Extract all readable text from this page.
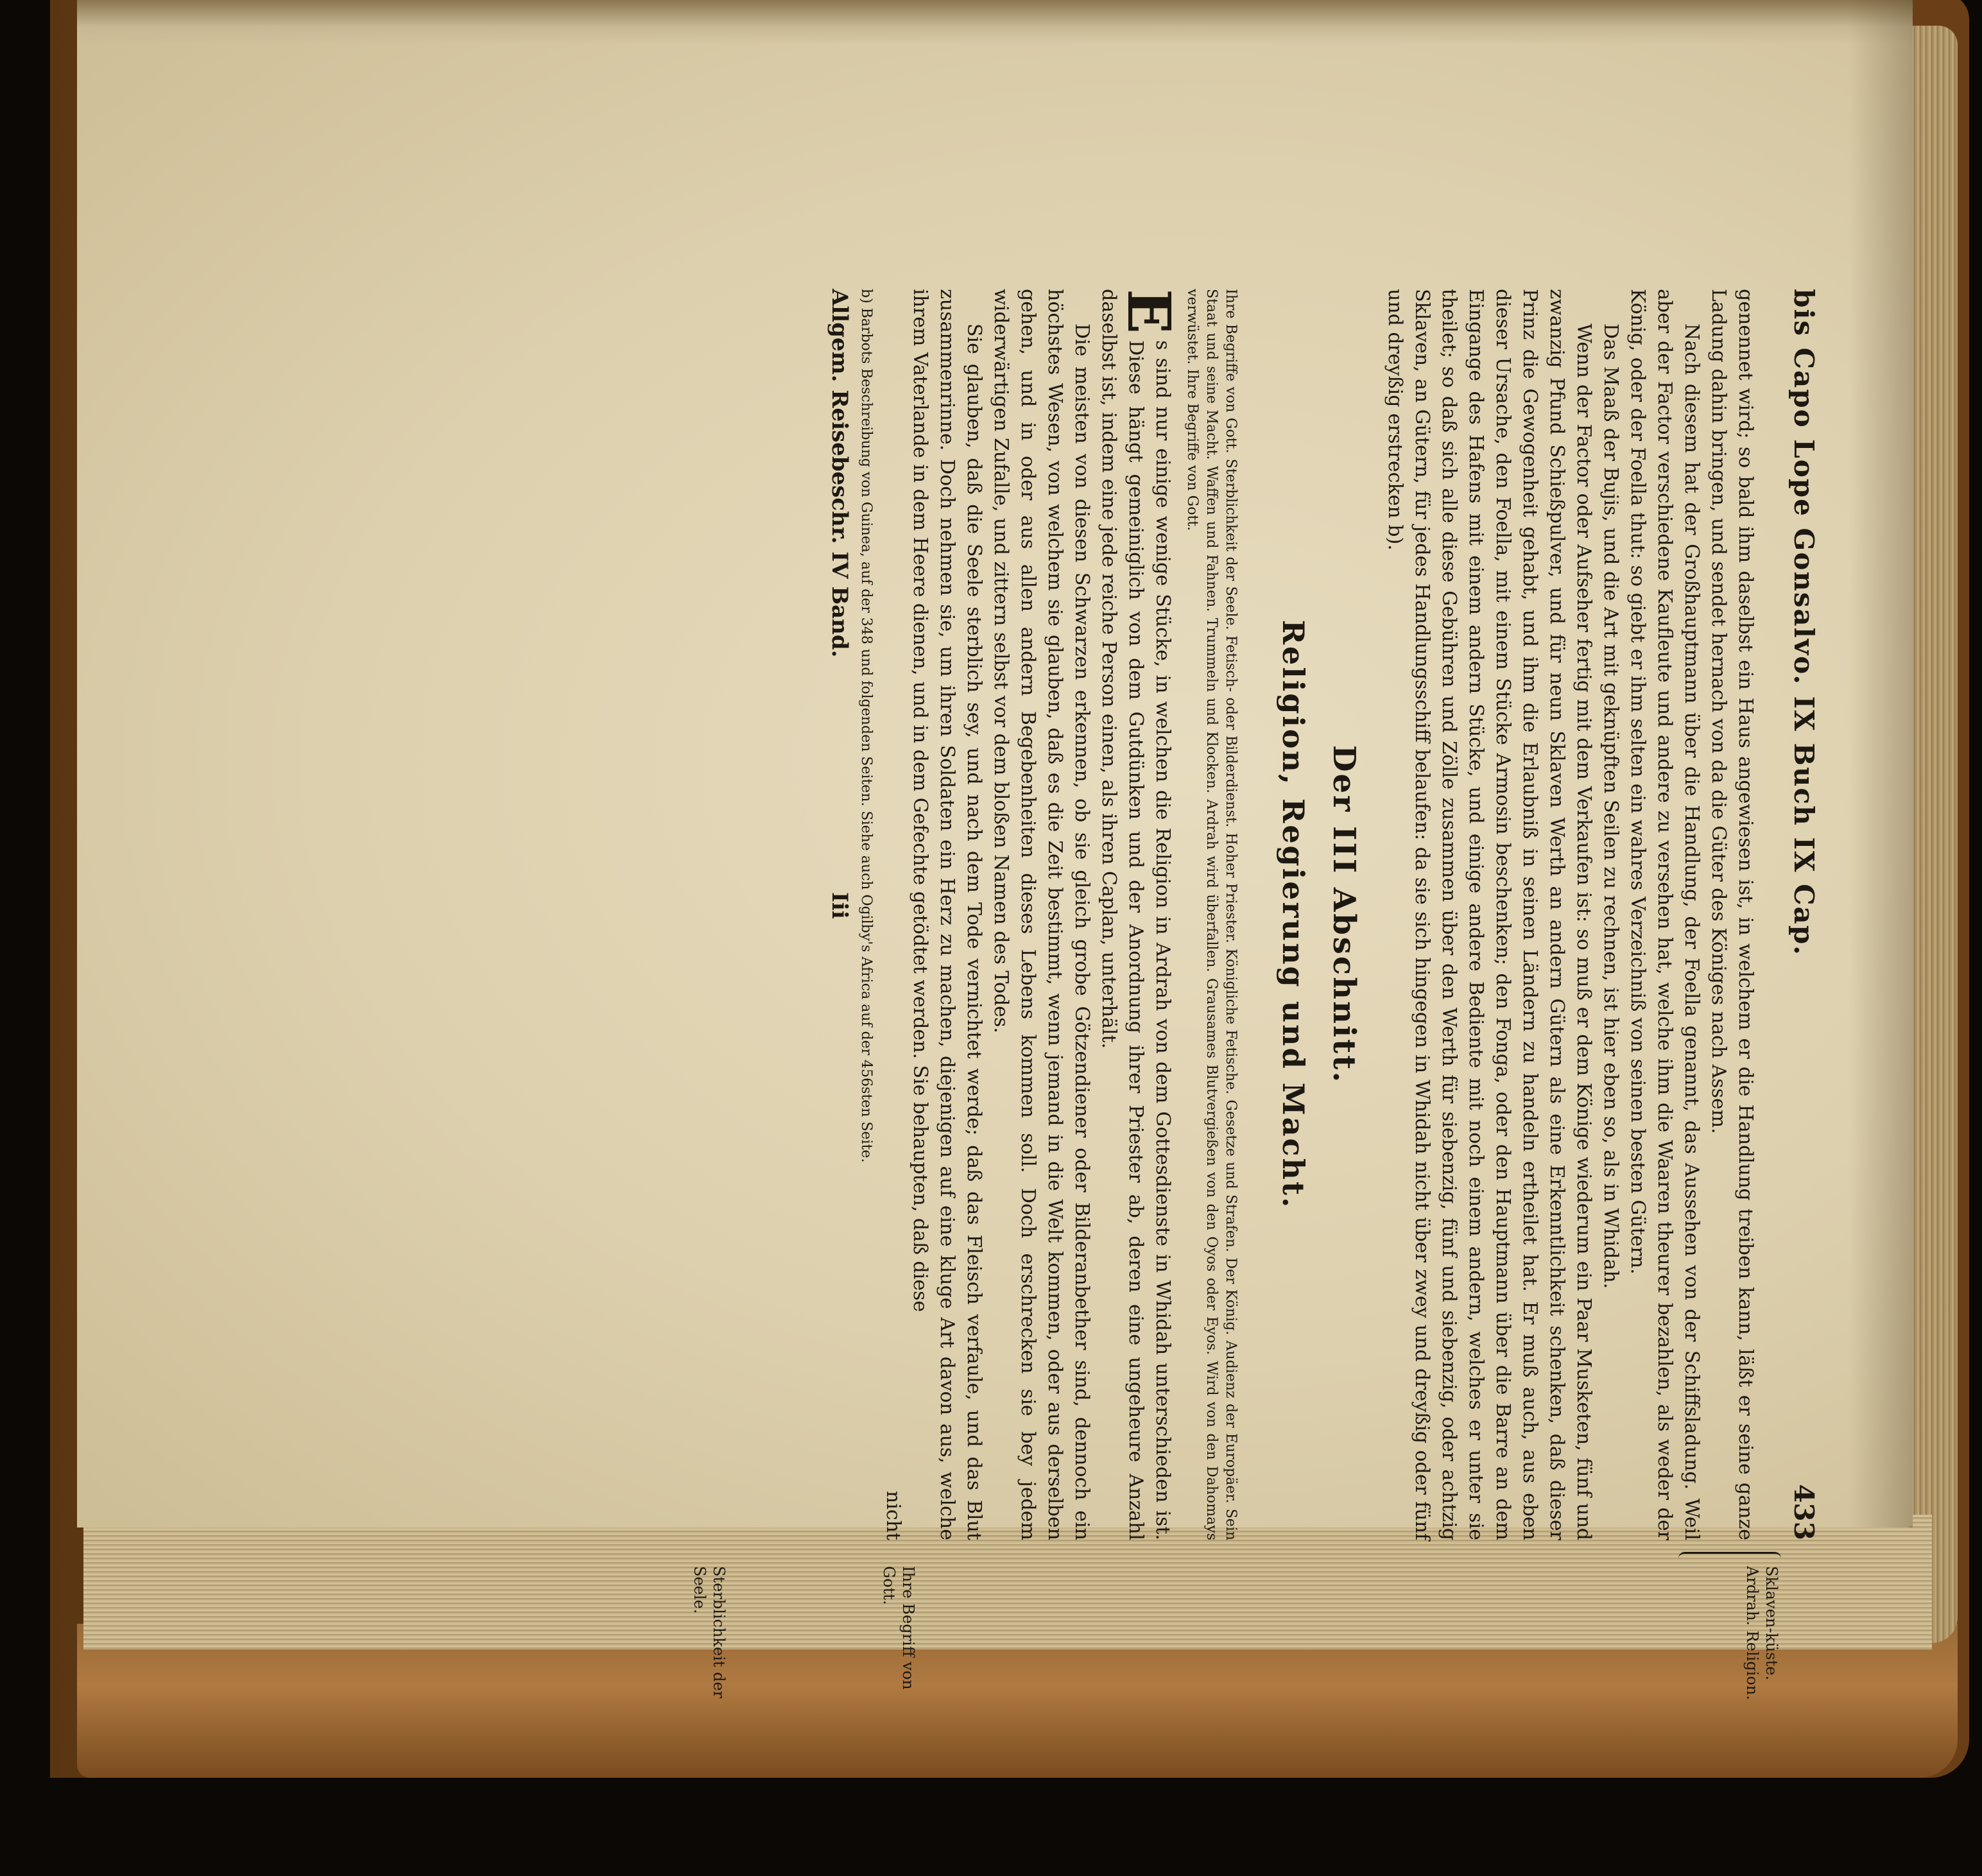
bis Capo Lope Gonsalvo. IX Buch IX Cap.
433

genennet wird; so bald ihm daselbst ein Haus angewiesen ist, in welchem er die Handlung treiben kann, läßt er seine ganze Ladung dahin bringen, und sendet hernach von da die Güter des Königes nach Assem.

Nach diesem hat der Großhauptmann über die Handlung, der Foella genannt, das Aussehen von der Schiffsladung. Weil aber der Factor verschiedene Kaufleute und andere zu versehen hat, welche ihm die Waaren theurer bezahlen, als weder der König, oder der Foella thut: so giebt er ihm selten ein wahres Verzeichniß von seinen besten Gütern.

Das Maaß der Bujis, und die Art mit geknüpften Seilen zu rechnen, ist hier eben so, als in Whidah.

Wenn der Factor oder Aufseher fertig mit dem Verkaufen ist: so muß er dem Könige wiederum ein Paar Musketen, fünf und zwanzig Pfund Schießpulver, und für neun Sklaven Werth an andern Gütern als eine Erkenntlichkeit schenken, daß dieser Prinz die Gewogenheit gehabt, und ihm die Erlaubniß in seinen Ländern zu handeln ertheilet hat. Er muß auch, aus eben dieser Ursache, den Foella, mit einem Stücke Armosin beschenken; den Fonga, oder den Hauptmann über die Barre an dem Eingange des Hafens mit einem andern Stücke, und einige andere Bediente mit noch einem andern, welches er unter sie theilet; so daß sich alle diese Gebühren und Zölle zusammen über den Werth für siebenzig, fünf und siebenzig, oder achtzig Sklaven, an Gütern, für jedes Handlungsschiff belaufen: da sie sich hingegen in Whidah nicht über zwey und dreyßig oder fünf und dreyßig erstrecken b).

Der III Abschnitt.
Religion, Regierung und Macht.

Ihre Begriffe von Gott. Sterblichkeit der Seele. Fetisch- oder Bilderdienst. Hoher Priester. Königliche Fetische. Gesetze und Strafen. Der König. Audienz der Europäer. Sein Staat und seine Macht. Waffen und Fahnen. Trummeln und Klocken. Ardrah wird überfallen. Grausames Blutvergießen von den Oyos oder Eyos. Wird von den Dahomays verwüstet. Ihre Begriffe von Gott.

E

s sind nur einige wenige Stücke, in welchen die Religion in Ardrah von dem Gottesdienste in Whidah unterschieden ist. Diese hängt gemeiniglich von dem Gutdünken und der Anordnung ihrer Priester ab, deren eine ungeheure Anzahl daselbst ist, indem eine jede reiche Person einen, als ihren Caplan, unterhält.

Die meisten von diesen Schwarzen erkennen, ob sie gleich grobe Götzendiener oder Bilderanbether sind, dennoch ein höchstes Wesen, von welchem sie glauben, daß es die Zeit bestimmt, wenn jemand in die Welt kommen, oder aus derselben gehen, und in oder aus allen andern Begebenheiten dieses Lebens kommen soll. Doch erschrecken sie bey jedem widerwärtigen Zufalle, und zittern selbst vor dem bloßen Namen des Todes.

Sie glauben, daß die Seele sterblich sey, und nach dem Tode vernichtet werde; daß das Fleisch verfaule, und das Blut zusammenrinne. Doch nehmen sie, um ihren Soldaten ein Herz zu machen, diejenigen auf eine kluge Art davon aus, welche ihrem Vaterlande in dem Heere dienen, und in dem Gefechte getödtet werden. Sie behaupten, daß diese

nicht

b) Barbots Beschreibung von Guinea, auf der 348 und folgenden Seiten. Siehe auch Ogilby's Africa auf der 456sten Seite.

Allgem. Reisebeschr. IV Band.
Iii
Sklaven-küste. Ardrah. Religion.
Ihre Begriff von Gott.
Sterblichkeit der Seele.
